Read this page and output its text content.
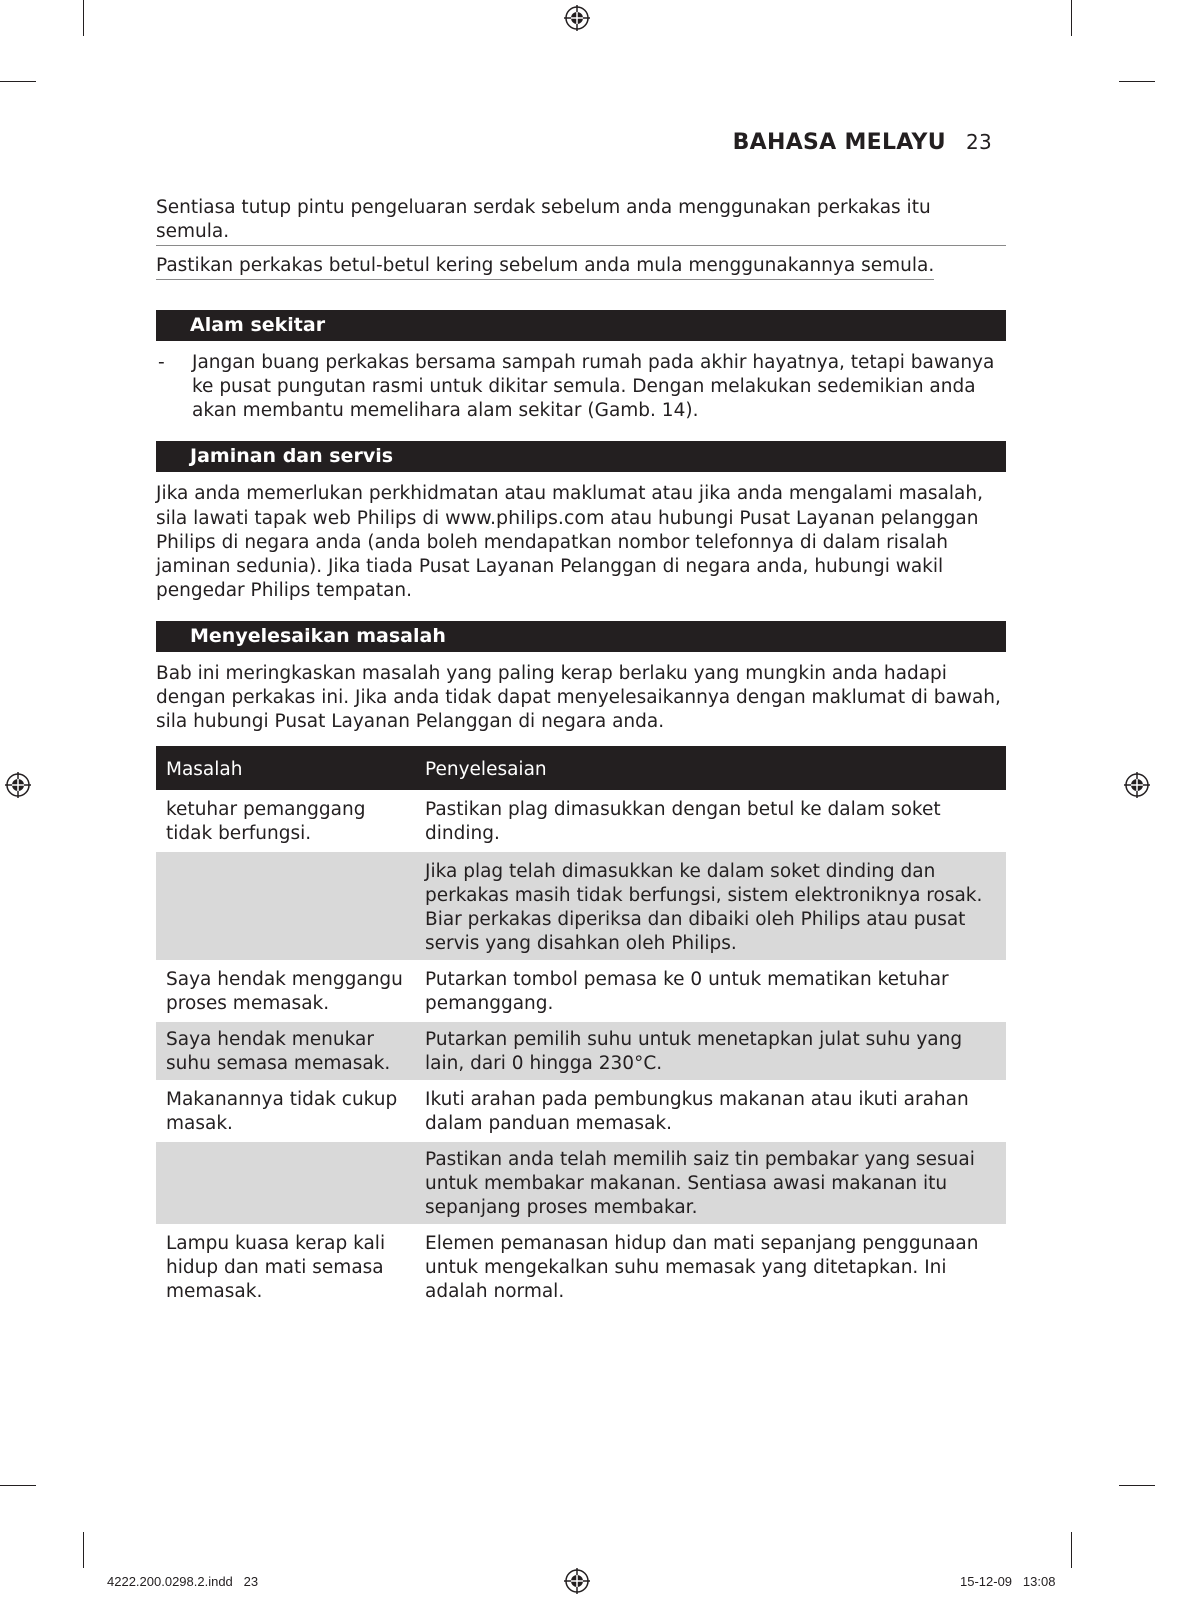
BAHASA MELAYU 23
Sentiasa tutup pintu pengeluaran serdak sebelum anda menggunakan perkakas itu semula.
Pastikan perkakas betul-betul kering sebelum anda mula menggunakannya semula.
Alam sekitar
-	Jangan buang perkakas bersama sampah rumah pada akhir hayatnya, tetapi bawanya ke pusat pungutan rasmi untuk dikitar semula. Dengan melakukan sedemikian anda akan membantu memelihara alam sekitar (Gamb. 14).
Jaminan dan servis
Jika anda memerlukan perkhidmatan atau maklumat atau jika anda mengalami masalah, sila lawati tapak web Philips di www.philips.com atau hubungi Pusat Layanan pelanggan Philips di negara anda (anda boleh mendapatkan nombor telefonnya di dalam risalah jaminan sedunia). Jika tiada Pusat Layanan Pelanggan di negara anda, hubungi wakil pengedar Philips tempatan.
Menyelesaikan masalah
Bab ini meringkaskan masalah yang paling kerap berlaku yang mungkin anda hadapi dengan perkakas ini. Jika anda tidak dapat menyelesaikannya dengan maklumat di bawah, sila hubungi Pusat Layanan Pelanggan di negara anda.
Masalah	Penyelesaian
ketuhar pemanggang tidak berfungsi.	Pastikan plag dimasukkan dengan betul ke dalam soket dinding.
	Jika plag telah dimasukkan ke dalam soket dinding dan perkakas masih tidak berfungsi, sistem elektroniknya rosak. Biar perkakas diperiksa dan dibaiki oleh Philips atau pusat servis yang disahkan oleh Philips.
Saya hendak menggangu proses memasak.	Putarkan tombol pemasa ke 0 untuk mematikan ketuhar pemanggang.
Saya hendak menukar suhu semasa memasak.	Putarkan pemilih suhu untuk menetapkan julat suhu yang lain, dari 0 hingga 230°C.
Makanannya tidak cukup masak.	Ikuti arahan pada pembungkus makanan atau ikuti arahan dalam panduan memasak.
	Pastikan anda telah memilih saiz tin pembakar yang sesuai untuk membakar makanan. Sentiasa awasi makanan itu sepanjang proses membakar.
Lampu kuasa kerap kali hidup dan mati semasa memasak.	Elemen pemanasan hidup dan mati sepanjang penggunaan untuk mengekalkan suhu memasak yang ditetapkan. Ini adalah normal.
4222.200.0298.2.indd   23	15-12-09 13:08
